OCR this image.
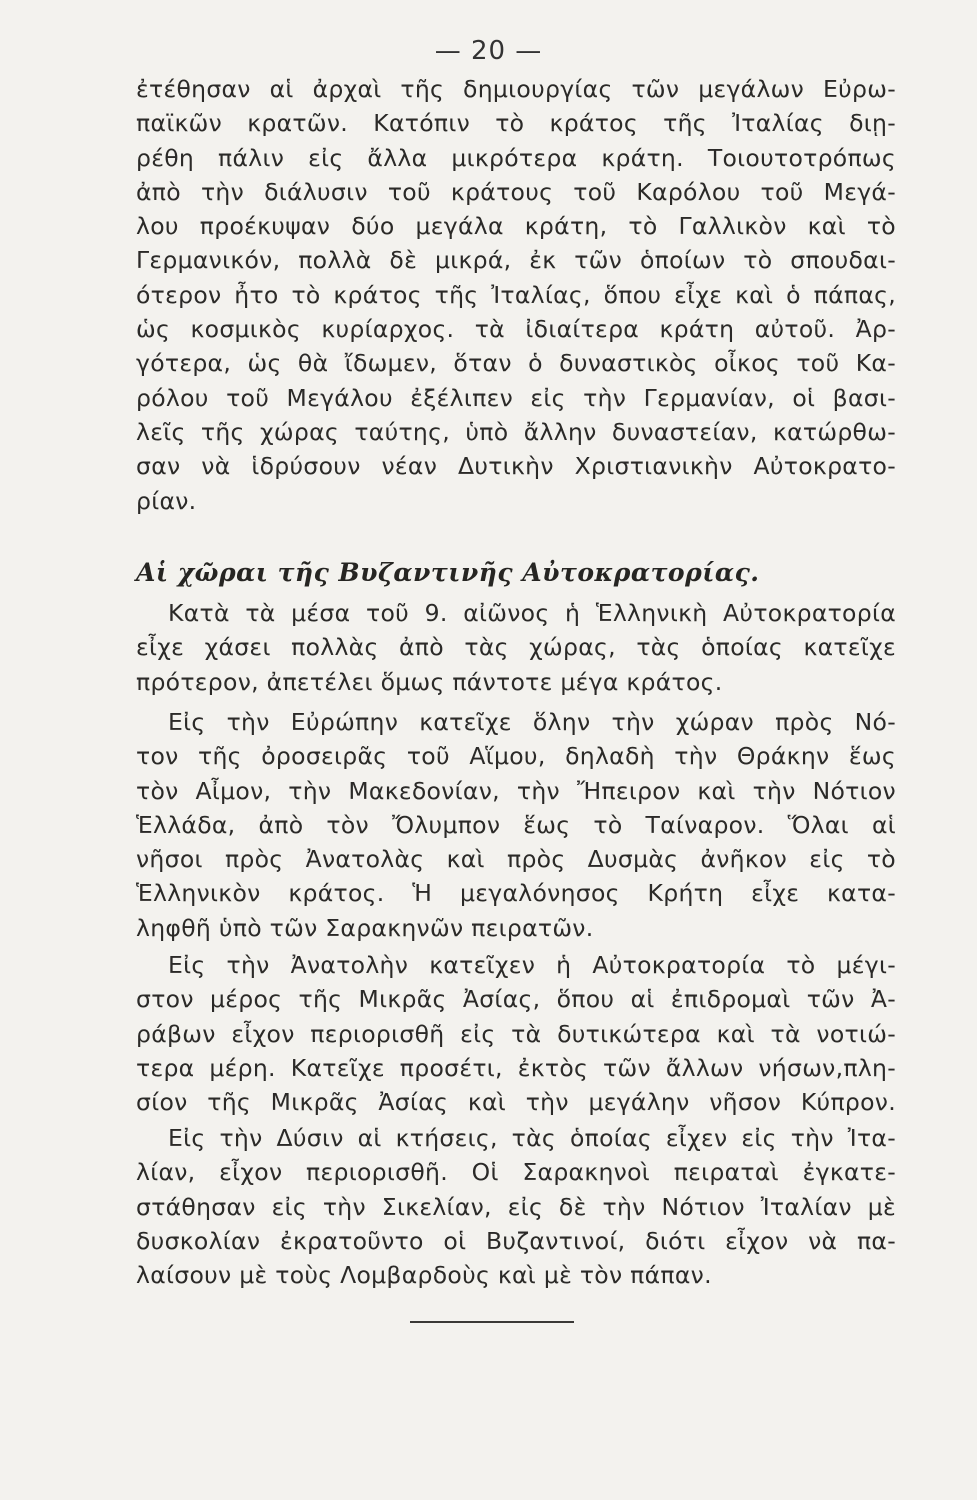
— 20 —
ἐτέθησαν αἱ ἀρχαὶ τῆς δημιουργίας τῶν μεγάλων Εὐρω-
παϊκῶν κρατῶν. Κατόπιν τὸ κράτος τῆς Ἰταλίας διῃ-
ρέθη πάλιν εἰς ἄλλα μικρότερα κράτη. Τοιουτοτρόπως
ἀπὸ τὴν διάλυσιν τοῦ κράτους τοῦ Καρόλου τοῦ Μεγά-
λου προέκυψαν δύο μεγάλα κράτη, τὸ Γαλλικὸν καὶ τὸ
Γερμανικόν, πολλὰ δὲ μικρά, ἐκ τῶν ὁποίων τὸ σπουδαι-
ότερον ἦτο τὸ κράτος τῆς Ἰταλίας, ὅπου εἶχε καὶ ὁ πάπας,
ὡς κοσμικὸς κυρίαρχος. τὰ ἰδιαίτερα κράτη αὐτοῦ. Ἀρ-
γότερα, ὡς θὰ ἴδωμεν, ὅταν ὁ δυναστικὸς οἶκος τοῦ Κα-
ρόλου τοῦ Μεγάλου ἐξέλιπεν εἰς τὴν Γερμανίαν, οἱ βασι-
λεῖς τῆς χώρας ταύτης, ὑπὸ ἄλλην δυναστείαν, κατώρθω-
σαν νὰ ἱδρύσουν νέαν Δυτικὴν Χριστιανικὴν Αὐτοκρατο-
ρίαν.
Αἱ χῶραι τῆς Βυζαντινῆς Αὐτοκρατορίας.
Κατὰ τὰ μέσα τοῦ 9. αἰῶνος ἡ Ἑλληνικὴ Αὐτοκρατορία
εἶχε χάσει πολλὰς ἀπὸ τὰς χώρας, τὰς ὁποίας κατεῖχε
πρότερον, ἀπετέλει ὅμως πάντοτε μέγα κράτος.
Εἰς τὴν Εὐρώπην κατεῖχε ὅλην τὴν χώραν πρὸς Νό-
τον τῆς ὀροσειρᾶς τοῦ Αἵμου, δηλαδὴ τὴν Θράκην ἕως
τὸν Αἶμον, τὴν Μακεδονίαν, τὴν Ἤπειρον καὶ τὴν Νότιον
Ἑλλάδα, ἀπὸ τὸν Ὄλυμπον ἕως τὸ Ταίναρον. Ὅλαι αἱ
νῆσοι πρὸς Ἀνατολὰς καὶ πρὸς Δυσμὰς ἀνῆκον εἰς τὸ
Ἑλληνικὸν κράτος. Ἡ μεγαλόνησος Κρήτη εἶχε κατα-
ληφθῆ ὑπὸ τῶν Σαρακηνῶν πειρατῶν.
Εἰς τὴν Ἀνατολὴν κατεῖχεν ἡ Αὐτοκρατορία τὸ μέγι-
στον μέρος τῆς Μικρᾶς Ἀσίας, ὅπου αἱ ἐπιδρομαὶ τῶν Ἀ-
ράβων εἶχον περιορισθῆ εἰς τὰ δυτικώτερα καὶ τὰ νοτιώ-
τερα μέρη. Κατεῖχε προσέτι, ἐκτὸς τῶν ἄλλων νήσων,πλη-
σίον τῆς Μικρᾶς Ἀσίας καὶ τὴν μεγάλην νῆσον Κύπρον.
Εἰς τὴν Δύσιν αἱ κτήσεις, τὰς ὁποίας εἶχεν εἰς τὴν Ἰτα-
λίαν, εἶχον περιορισθῆ. Οἱ Σαρακηνοὶ πειραταὶ ἐγκατε-
στάθησαν εἰς τὴν Σικελίαν, εἰς δὲ τὴν Νότιον Ἰταλίαν μὲ
δυσκολίαν ἐκρατοῦντο οἱ Βυζαντινοί, διότι εἶχον νὰ πα-
λαίσουν μὲ τοὺς Λομβαρδοὺς καὶ μὲ τὸν πάπαν.
